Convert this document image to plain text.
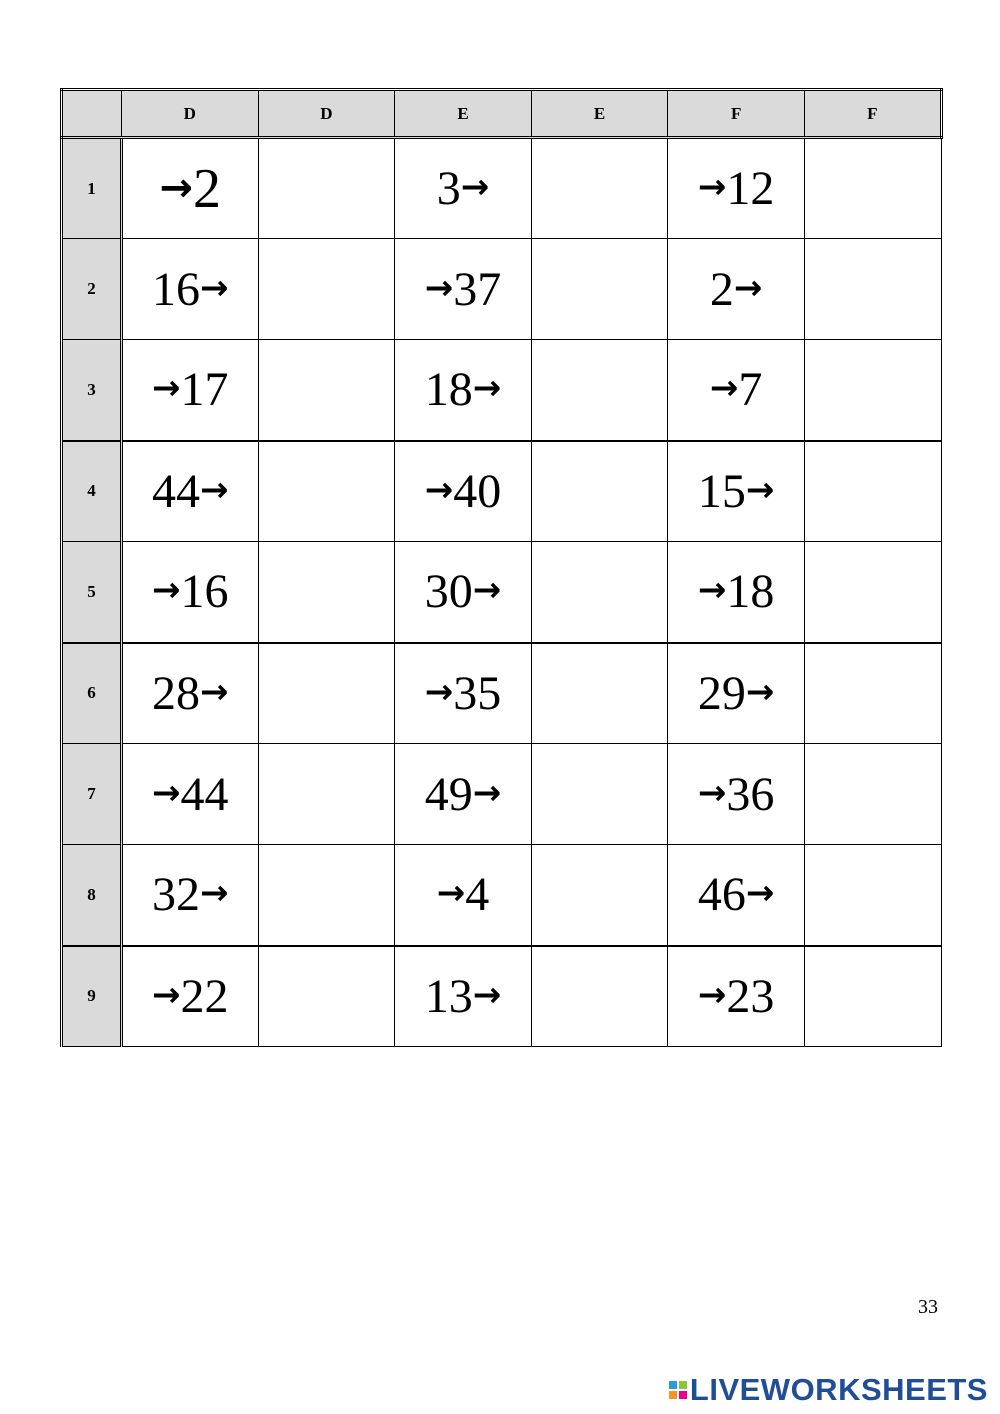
	D	D	E	E	F	F
1	→2		3→		→12	
2	16→		→37		2→	
3	→17		18→		→7	
4	44→		→40		15→	
5	→16		30→		→18	
6	28→		→35		29→	
7	→44		49→		→36	
8	32→		→4		46→	
9	→22		13→		→23	
33
LIVEWORKSHEETS
